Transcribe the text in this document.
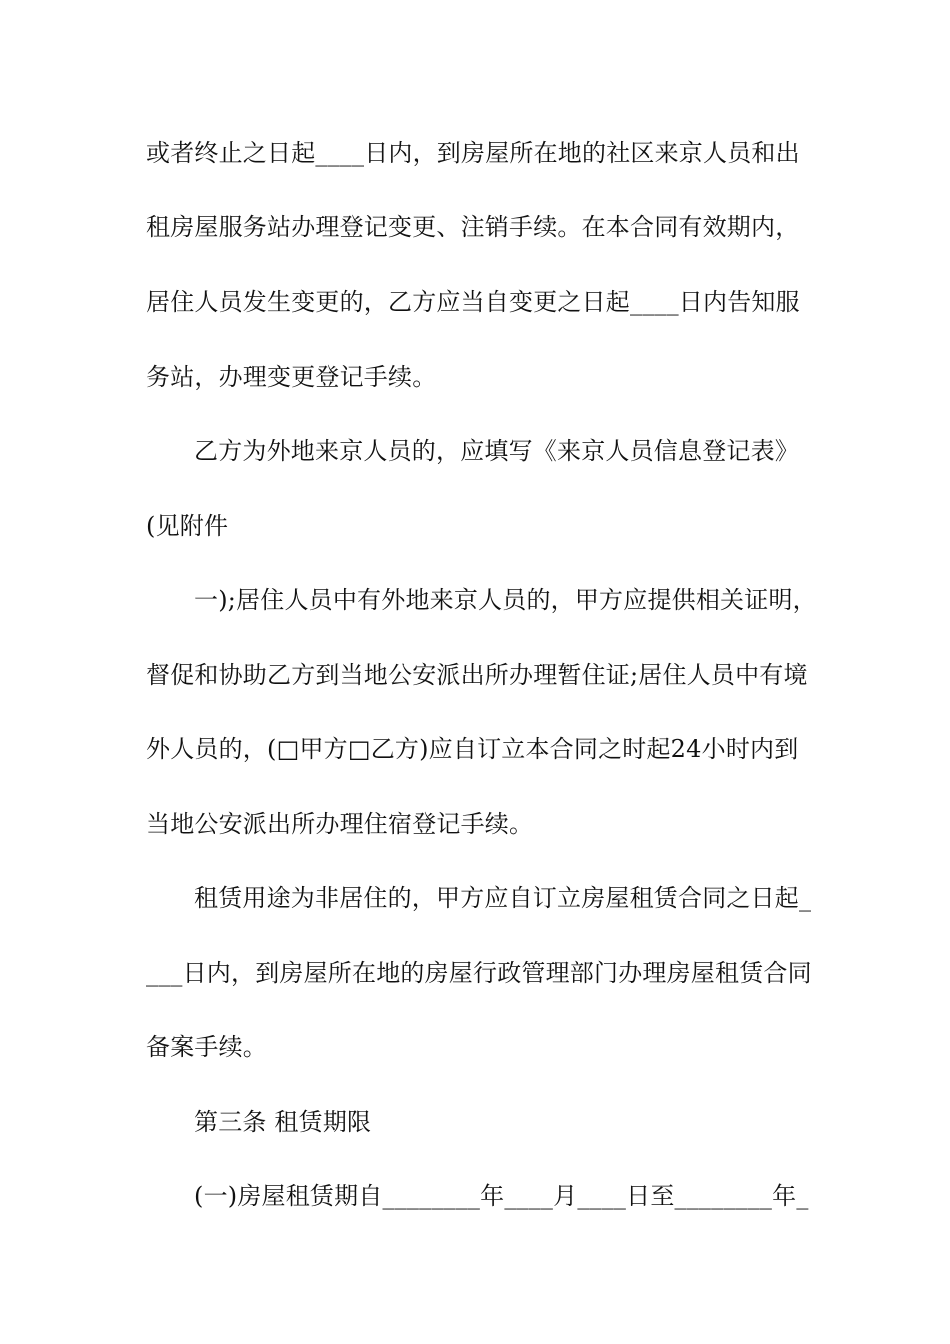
或者终止之日起____日内，到房屋所在地的社区来京人员和出
租房屋服务站办理登记变更、注销手续。在本合同有效期内，
居住人员发生变更的，乙方应当自变更之日起____日内告知服
务站，办理变更登记手续。
乙方为外地来京人员的，应填写《来京人员信息登记表》
(见附件
一);居住人员中有外地来京人员的，甲方应提供相关证明，
督促和协助乙方到当地公安派出所办理暂住证;居住人员中有境
外人员的，(□甲方□乙方)应自订立本合同之时起24小时内到
当地公安派出所办理住宿登记手续。
租赁用途为非居住的，甲方应自订立房屋租赁合同之日起_
___日内，到房屋所在地的房屋行政管理部门办理房屋租赁合同
备案手续。
第三条 租赁期限
(一)房屋租赁期自________年____月____日至________年_
